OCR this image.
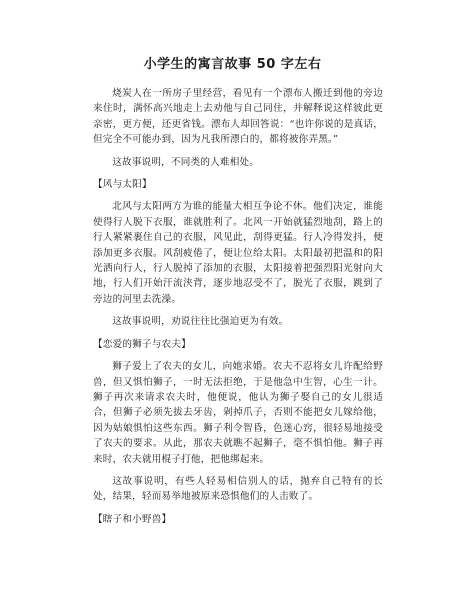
小学生的寓言故事 50 字左右

烧炭人在一所房子里经营，看见有一个漂布人搬迁到他的旁边来住时，满怀高兴地走上去劝他与自己同住，并解释说这样彼此更亲密，更方便，还更省钱。漂布人却回答说：“也许你说的是真话，但完全不可能办到，因为凡我所漂白的，都将被你弄黑。”

这故事说明，不同类的人难相处。

【风与太阳】

北风与太阳两方为谁的能量大相互争论不休。他们决定，谁能使得行人脱下衣服，谁就胜利了。北风一开始就猛烈地刮，路上的行人紧紧裹住自己的衣服，风见此，刮得更猛。行人冷得发抖，便添加更多衣服。风刮疲倦了，便让位给太阳。太阳最初把温和的阳光洒向行人，行人脱掉了添加的衣服，太阳接着把强烈阳光射向大地，行人们开始汗流浃背，逐步地忍受不了，脱光了衣服，跳到了旁边的河里去洗澡。

这故事说明，劝说往往比强迫更为有效。

【恋爱的狮子与农夫】

狮子爱上了农夫的女儿，向她求婚。农夫不忍将女儿许配给野兽，但又惧怕狮子，一时无法拒绝，于是他急中生智，心生一计。狮子再次来请求农夫时，他便说，他认为狮子娶自己的女儿很适合，但狮子必须先拔去牙齿，剁掉爪子，否则不能把女儿嫁给他，因为姑娘惧怕这些东西。狮子利令智昏，色迷心窍，很轻易地接受了农夫的要求。从此，那农夫就瞧不起狮子，毫不惧怕他。狮子再来时，农夫就用棍子打他，把他绑起来。

这故事说明，有些人轻易相信别人的话，抛弃自己特有的长处，结果，轻而易举地被原来恐惧他们的人击败了。

【瞎子和小野兽】
